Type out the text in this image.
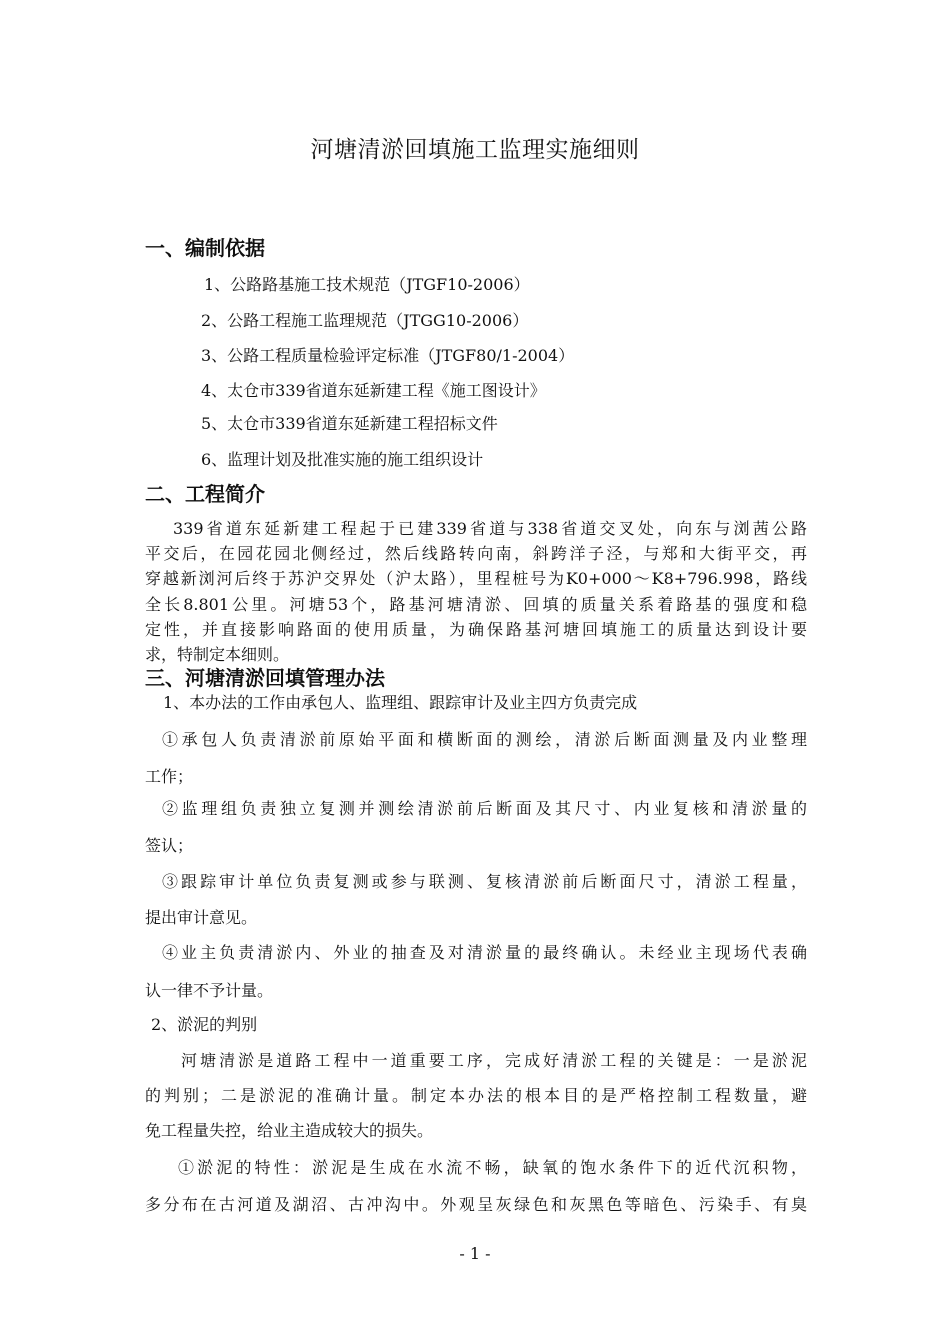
河塘清淤回填施工监理实施细则
一、编制依据
1、公路路基施工技术规范（JTGF10-2006）
2、公路工程施工监理规范（JTGG10-2006）
3、公路工程质量检验评定标准（JTGF80/1-2004）
4、太仓市339省道东延新建工程《施工图设计》
5、太仓市339省道东延新建工程招标文件
6、监理计划及批准实施的施工组织设计
二、工程简介
339省道东延新建工程起于已建339省道与338省道交叉处，向东与浏茜公路
平交后，在园花园北侧经过，然后线路转向南，斜跨洋子泾，与郑和大街平交，再
穿越新浏河后终于苏沪交界处（沪太路），里程桩号为K0+000～K8+796.998，路线
全长8.801公里。河塘53个，路基河塘清淤、回填的质量关系着路基的强度和稳
定性，并直接影响路面的使用质量，为确保路基河塘回填施工的质量达到设计要
求，特制定本细则。
三、河塘清淤回填管理办法
1、本办法的工作由承包人、监理组、跟踪审计及业主四方负责完成
①承包人负责清淤前原始平面和横断面的测绘，清淤后断面测量及内业整理
工作；
②监理组负责独立复测并测绘清淤前后断面及其尺寸、内业复核和清淤量的
签认；
③跟踪审计单位负责复测或参与联测、复核清淤前后断面尺寸，清淤工程量，
提出审计意见。
④业主负责清淤内、外业的抽查及对清淤量的最终确认。未经业主现场代表确
认一律不予计量。
2、淤泥的判别
河塘清淤是道路工程中一道重要工序，完成好清淤工程的关键是：一是淤泥
的判别；二是淤泥的准确计量。制定本办法的根本目的是严格控制工程数量，避
免工程量失控，给业主造成较大的损失。
①淤泥的特性：淤泥是生成在水流不畅，缺氧的饱水条件下的近代沉积物，
多分布在古河道及湖沼、古冲沟中。外观呈灰绿色和灰黑色等暗色、污染手、有臭
- 1 -
